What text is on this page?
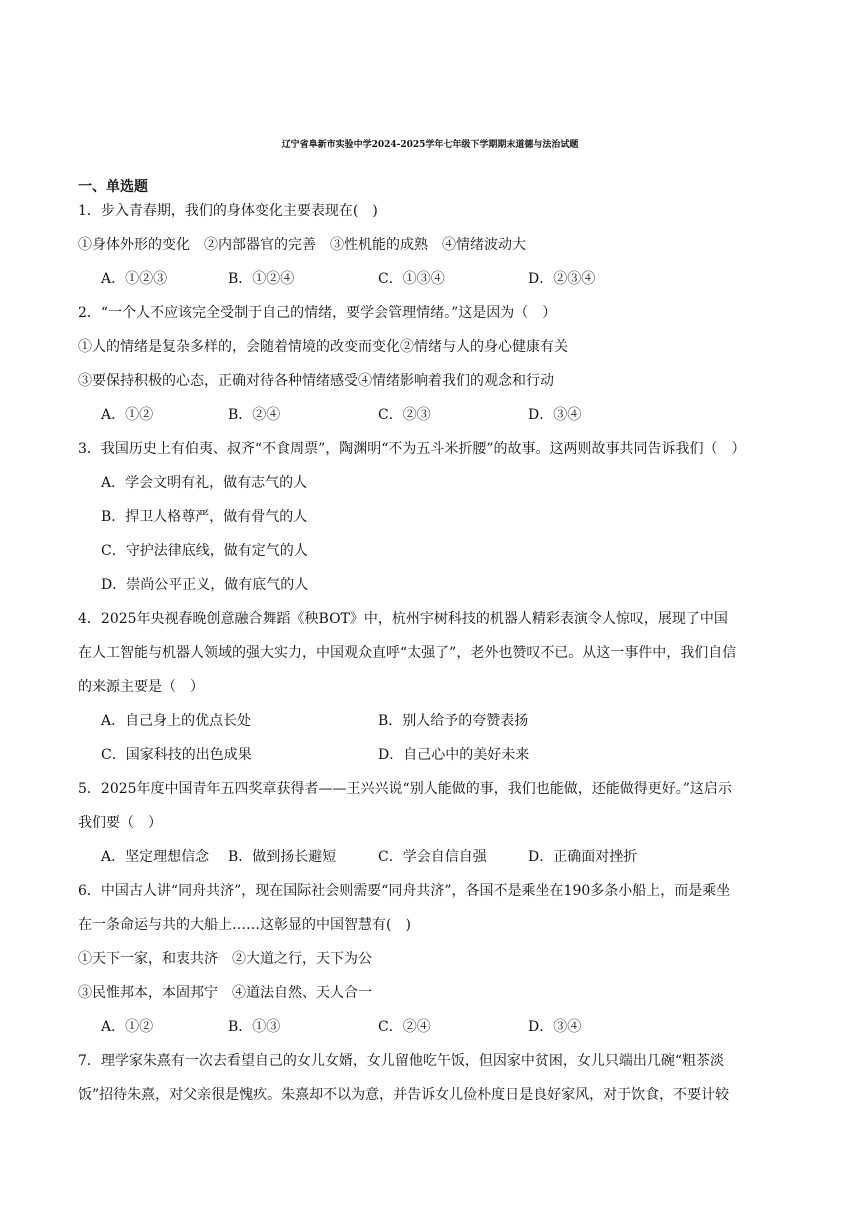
辽宁省阜新市实验中学2024-2025学年七年级下学期期末道德与法治试题
一、单选题
1．步入青春期，我们的身体变化主要表现在(　)
①身体外形的变化　②内部器官的完善　③性机能的成熟　④情绪波动大
A．①②③	B．①②④	C．①③④	D．②③④
2．“一个人不应该完全受制于自己的情绪，要学会管理情绪。”这是因为（　）
①人的情绪是复杂多样的，会随着情境的改变而变化②情绪与人的身心健康有关
③要保持积极的心态，正确对待各种情绪感受④情绪影响着我们的观念和行动
A．①②	B．②④	C．②③	D．③④
3．我国历史上有伯夷、叔齐“不食周票”，陶渊明“不为五斗米折腰”的故事。这两则故事共同告诉我们（　）
A．学会文明有礼，做有志气的人
B．捍卫人格尊严，做有骨气的人
C．守护法律底线，做有定气的人
D．崇尚公平正义，做有底气的人
4．2025年央视春晚创意融合舞蹈《秧BOT》中，杭州宇树科技的机器人精彩表演令人惊叹，展现了中国
在人工智能与机器人领域的强大实力，中国观众直呼“太强了”，老外也赞叹不已。从这一事件中，我们自信
的来源主要是（　）
A．自己身上的优点长处	B．别人给予的夸赞表扬
C．国家科技的出色成果	D．自己心中的美好未来
5．2025年度中国青年五四奖章获得者——王兴兴说“别人能做的事，我们也能做，还能做得更好。”这启示
我们要（　）
A．坚定理想信念 B．做到扬长避短	C．学会自信自强	D．正确面对挫折
6．中国古人讲“同舟共济”，现在国际社会则需要“同舟共济”，各国不是乘坐在190多条小船上，而是乘坐
在一条命运与共的大船上……这彰显的中国智慧有(　)
①天下一家，和衷共济　②大道之行，天下为公
③民惟邦本，本固邦宁　④道法自然、天人合一
A．①②	B．①③	C．②④	D．③④
7．理学家朱熹有一次去看望自己的女儿女婿，女儿留他吃午饭，但因家中贫困，女儿只端出几碗“粗茶淡
饭”招待朱熹，对父亲很是愧疚。朱熹却不以为意，并告诉女儿俭朴度日是良好家风，对于饮食，不要计较
